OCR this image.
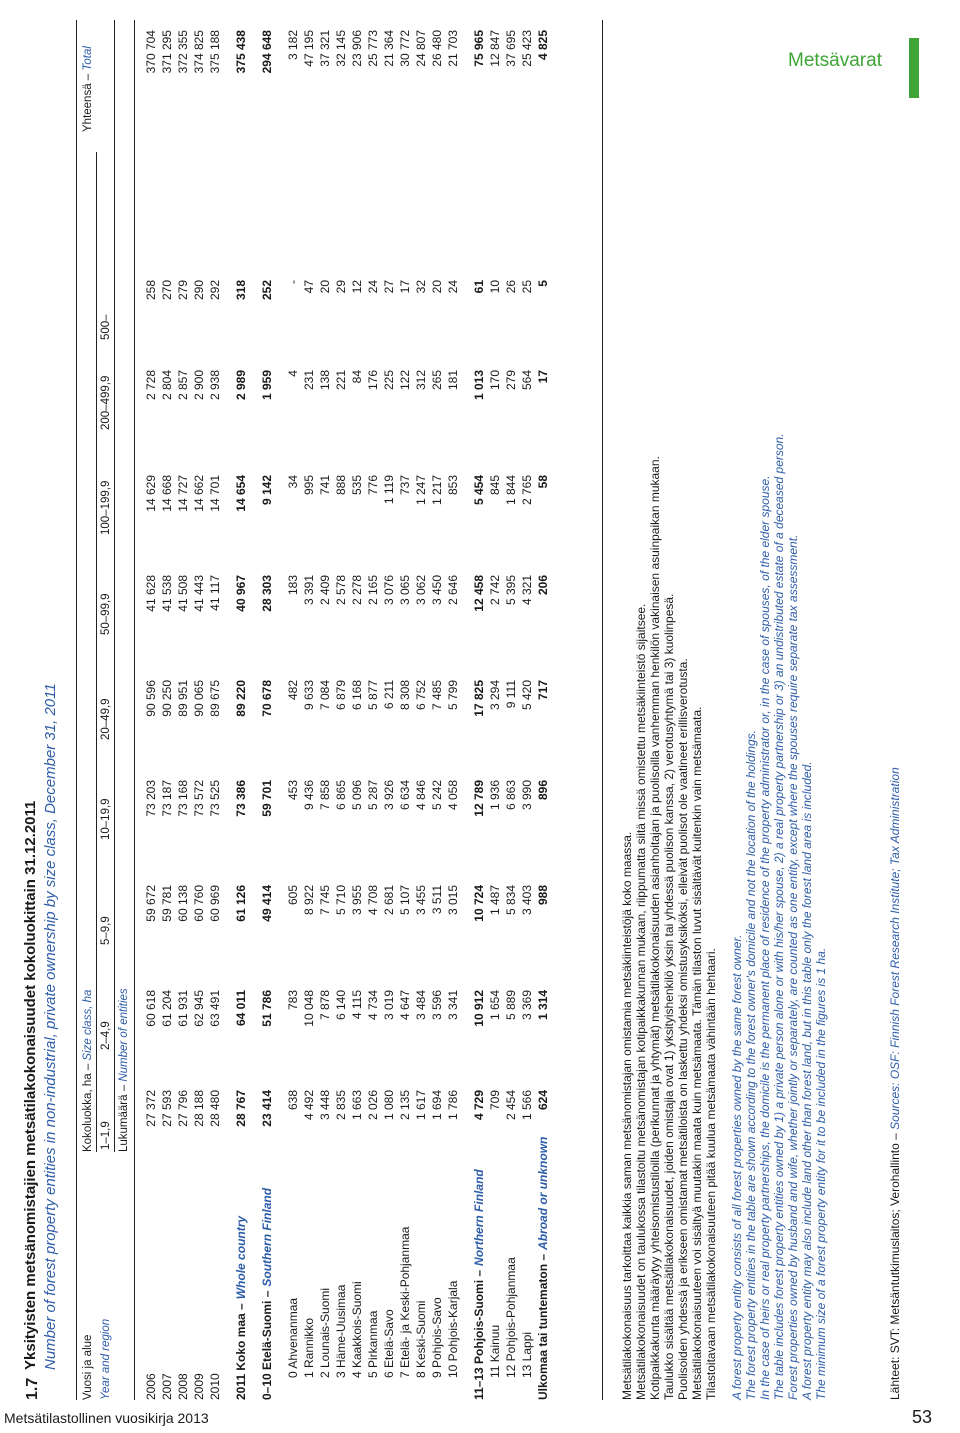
Metsätilastollinen vuosikirja 2013	53
Metsävarat
1.7
Yksityisten metsänomistajien metsätilakokonaisuudet kokoluokittain 31.12.2011 Number of forest property entities in non-industrial, private ownership by size class, December 31, 2011 Vuosi ja alue Year and region
Kokoluokka, ha – Size class, ha
Yhteensä – Total
1–1,9
2–4,9
5–9,9
10–19,9
20–49,9
50–99,9
100–199,9
200–499,9
500–
Lukumäärä – Number of entities
2006
27 372
60 618
59 672
73 203
90 596
41 628
14 629
2 728
258
370 704
2007
27 593
61 204
59 781
73 187
90 250
41 538
14 668
2 804
270
371 295
2008
27 796
61 931
60 138
73 168
89 951
41 508
14 727
2 857
279
372 355
2009
28 188
62 945
60 760
73 572
90 065
41 443
14 662
2 900
290
374 825
2010
28 480
63 491
60 969
73 525
89 675
41 117
14 701
2 938
292
375 188
2011 Koko maa –Whole country
28 767
64 011
61 126
73 386
89 220
40 967
14 654
2 989
318
375 438
0–10 Etelä-Suomi –Southern Finland
23 414
51 786
49 414
59 701
70 678
28 303
9 142
1 959
252
294 648
0 Ahvenanmaa
638
783
605
453
482
183
34
4
-
3 182
1 Rannikko
4 492
10 048
8 922
9 436
9 633
3 391
995
231
47
47 195
2 Lounais-Suomi
3 448
7 878
7 745
7 858
7 084
2 409
741
138
20
37 321
3 Häme-Uusimaa
2 835
6 140
5 710
6 865
6 879
2 578
888
221
29
32 145
4 Kaakkois-Suomi
1 663
4 115
3 955
5 096
6 168
2 278
535
84
12
23 906
5 Pirkanmaa
2 026
4 734
4 708
5 287
5 877
2 165
776
176
24
25 773
6 Etelä-Savo
1 080
3 019
2 681
3 926
6 211
3 076
1 119
225
27
21 364
7 Etelä- ja Keski-Pohjanmaa
2 135
4 647
5 107
6 634
8 308
3 065
737
122
17
30 772
8 Keski-Suomi
1 617
3 484
3 455
4 846
6 752
3 062
1 247
312
32
24 807
9 Pohjois-Savo
1 694
3 596
3 511
5 242
7 485
3 450
1 217
265
20
26 480
10 Pohjois-Karjala
1 786
3 341
3 015
4 058
5 799
2 646
853
181
24
21 703
11–13 Pohjois-Suomi –Northern Finland
4 729
10 912
10 724
12 789
17 825
12 458
5 454
1 013
61
75 965
11 Kainuu
709
1 654
1 487
1 936
3 294
2 742
845
170
10
12 847
12 Pohjois-Pohjanmaa
2 454
5 889
5 834
6 863
9 111
5 395
1 844
279
26
37 695
13 Lappi
1 566
3 369
3 403
3 990
5 420
4 321
2 765
564
25
25 423
Ulkomaa tai tuntematon –Abroad or unknown
624
1 314
988
896
717
206
58
17
5
4 825
Metsätilakokonaisuus tarkoittaa kaikkia saman metsänomistajan omistamia metsäkiinteistöjä koko maassa. Metsätilakokonaisuudet on taulukossa tilastoitu metsänomistajan kotipaikkakunnan mukaan, riippumatta siitä missä omistettu metsäkiinteistö sijaitsee. Kotipaikkakunta määräytyy yhteisomistustiloilla (perikunnat ja yhtymät) metsätilakokonaisuuden asianhoitajan ja puolisoilla vanhemman henkilön vakinaisen asuinpaikan mukaan. Taulukko sisältää metsätilakokonaisuudet, joiden omistajia ovat 1) yksityishenkilö yksin tai yhdessä puolison kanssa, 2) verotusyhtymä tai 3) kuolinpesä. Puolisoiden yhdessä ja erikseen omistamat metsätiloista on laskettu yhdeksi omistusyksiköksi, elleivät puolisot ole vaatineet erillisverotusta. Metsätilakokonaisuuteen voi sisältyä muutakin maata kuin metsämaata. Tämän tilaston luvut sisältävät kuitenkin vain metsämaata. Tilastoitavaan metsätilakokonaisuuteen pitää kuulua metsämaata vähintään hehtaari. A forest property entity consists of all forest properties owned by the same forest owner. The forest property entities in the table are shown according to the forest owner's domicile and not the location of the holdings. In the case of heirs or real property partnerships, the domicile is the permanent place of residence of the property administrator or, in the case of spouses, of the elder spouse. The table includes forest property entities owned by 1) a private person alone or with his/her spouse, 2) a real property partnership or 3) an undistributed estate of a deceased person. Forest properties owned by husband and wife, whether jointly or separately, are counted as one entity, except where the spouses require separate tax assessment. A forest property entity may also include land other than forest land, but in this table only the forest land area is included. The minimum size of a forest property entity for it to be included in the figures is 1 ha.	Lähteet: SVT: Metsäntutkimuslaitos; Verohallinto – Sources: OSF: Finnish Forest Research Institute; Tax Administration
